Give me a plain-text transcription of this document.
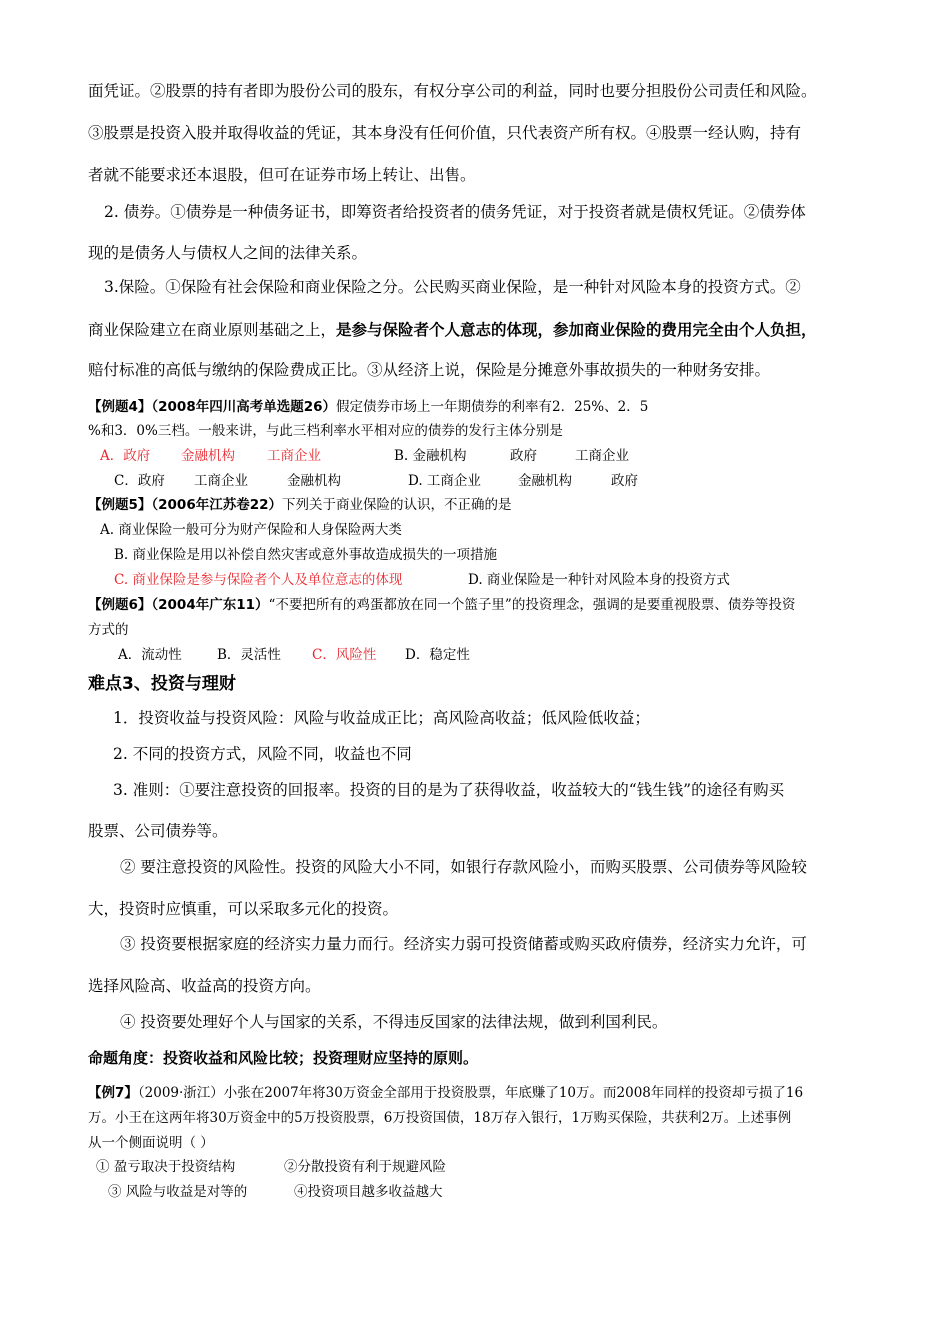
面凭证。②股票的持有者即为股份公司的股东，有权分享公司的利益，同时也要分担股份公司责任和风险。
③股票是投资入股并取得收益的凭证，其本身没有任何价值，只代表资产所有权。④股票一经认购，持有
者就不能要求还本退股，但可在证券市场上转让、出售。
2. 债券。①债券是一种债务证书，即筹资者给投资者的债务凭证，对于投资者就是债权凭证。②债券体
现的是债务人与债权人之间的法律关系。
3.保险。①保险有社会保险和商业保险之分。公民购买商业保险，是一种针对风险本身的投资方式。②
商业保险建立在商业原则基础之上，是参与保险者个人意志的体现，参加商业保险的费用完全由个人负担，
赔付标准的高低与缴纳的保险费成正比。③从经济上说，保险是分摊意外事故损失的一种财务安排。
【例题4】（2008年四川高考单选题26）假定债券市场上一年期债券的利率有2．25%、2．5
%和3．0%三档。一般来讲，与此三档利率水平相对应的债券的发行主体分别是
A．政府 金融机构 工商企业	B. 金融机构	政府	工商企业
C．政府 工商企业	金融机构	D. 工商企业	金融机构	政府
【例题5】（2006年江苏卷22）下列关于商业保险的认识，不正确的是
A. 商业保险一般可分为财产保险和人身保险两大类
B. 商业保险是用以补偿自然灾害或意外事故造成损失的一项措施
C. 商业保险是参与保险者个人及单位意志的体现	D. 商业保险是一种针对风险本身的投资方式
【例题6】（2004年广东11）“不要把所有的鸡蛋都放在同一个篮子里”的投资理念，强调的是要重视股票、债券等投资
方式的
A．流动性	B．灵活性 C．风险性 D．稳定性
难点3、投资与理财
1．投资收益与投资风险：风险与收益成正比；高风险高收益；低风险低收益；
2. 不同的投资方式，风险不同，收益也不同
3. 准则：①要注意投资的回报率。投资的目的是为了获得收益，收益较大的“钱生钱”的途径有购买
股票、公司债券等。
② 要注意投资的风险性。投资的风险大小不同，如银行存款风险小，而购买股票、公司债券等风险较
大，投资时应慎重，可以采取多元化的投资。
③ 投资要根据家庭的经济实力量力而行。经济实力弱可投资储蓄或购买政府债券，经济实力允许，可
选择风险高、收益高的投资方向。
④ 投资要处理好个人与国家的关系，不得违反国家的法律法规，做到利国利民。
命题角度：投资收益和风险比较；投资理财应坚持的原则。
【例7】（2009·浙江）小张在2007年将30万资金全部用于投资股票，年底赚了10万。而2008年同样的投资却亏损了16
万。小王在这两年将30万资金中的5万投资股票，6万投资国债，18万存入银行，1万购买保险，共获利2万。上述事例
从一个侧面说明（ ）
① 盈亏取决于投资结构	②分散投资有利于规避风险
③ 风险与收益是对等的	④投资项目越多收益越大
